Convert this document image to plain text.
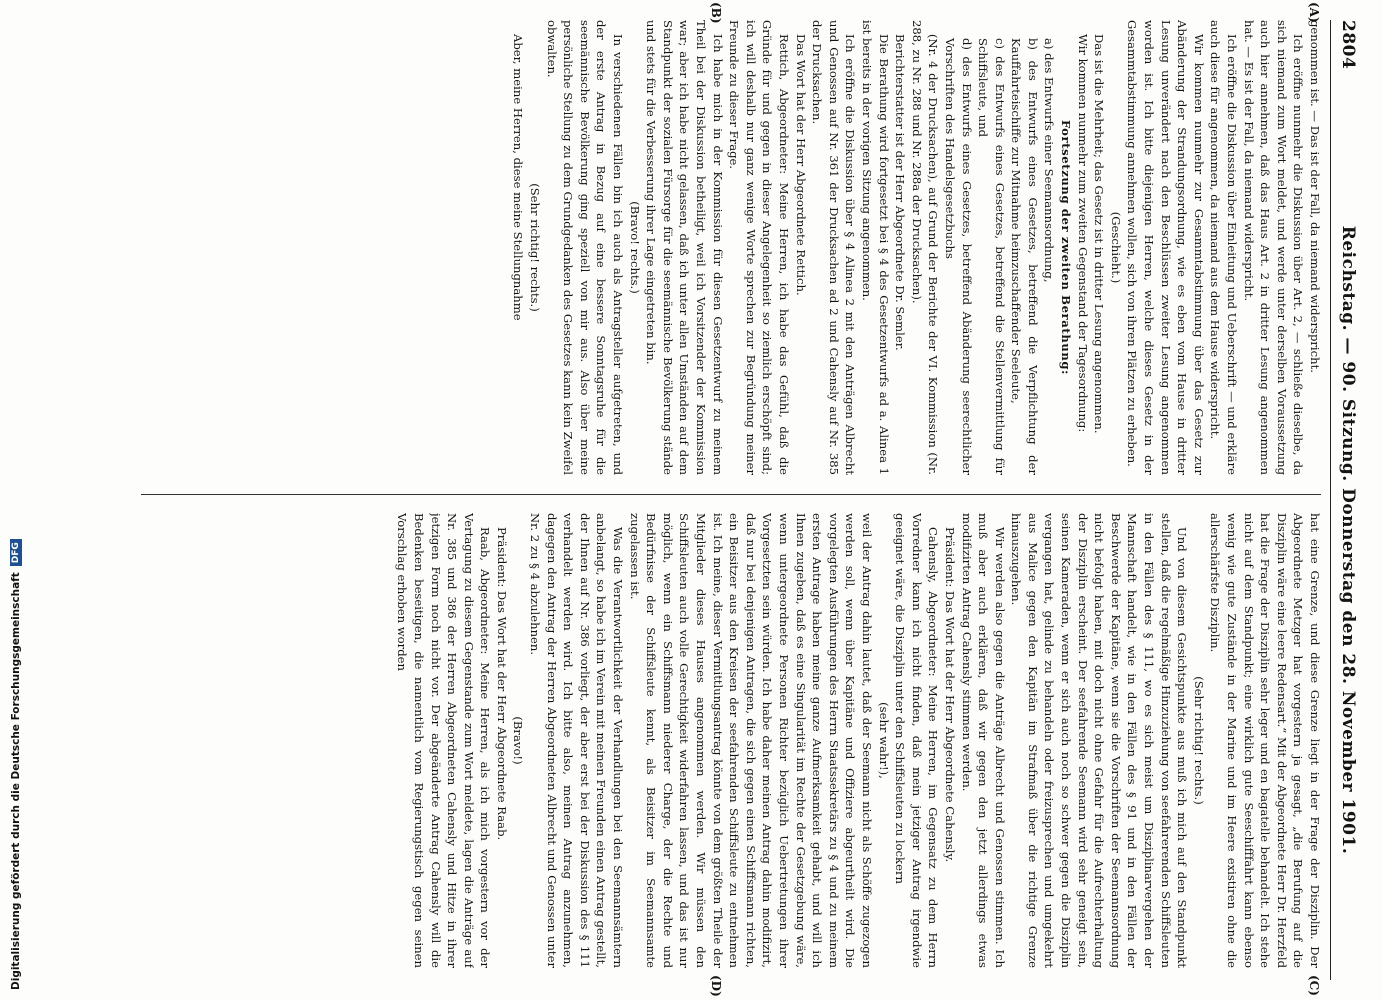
2804
Reichstag. — 90. Sitzung. Donnerstag den 28. November 1901.
(A)
(B)
(C)
(D)

genommen ist. — Das ist der Fall, da niemand widerspricht.

Ich eröffne nunmehr die Diskussion über Art. 2, — schließe dieselbe, da sich niemand zum Wort meldet, und werde unter derselben Voraussetzung auch hier annehmen, daß das Haus Art. 2 in dritter Lesung angenommen hat. — Es ist der Fall, da niemand widerspricht.

Ich eröffne die Diskussion über Einleitung und Ueberschrift — und erkläre auch diese für angenommen, da niemand aus dem Hause widerspricht.

Wir kommen nunmehr zur Gesammtabstimmung über das Gesetz zur Abänderung der Strandungsordnung, wie es eben vom Hause in dritter Lesung unverändert nach den Beschlüssen zweiter Lesung angenommen worden ist. Ich bitte diejenigen Herren, welche dieses Gesetz in der Gesammtabstimmung annehmen wollen, sich von ihren Plätzen zu erheben.

(Geschieht.)

Das ist die Mehrheit; das Gesetz ist in dritter Lesung angenommen.

Wir kommen nunmehr zum zweiten Gegenstand der Tagesordnung:

Fortsetzung der zweiten Berathung:

a) des Entwurfs einer Seemannsordnung,

b) des Entwurfs eines Gesetzes, betreffend die Verpflichtung der Kauffahrteischiffe zur Mitnahme heimzuschaffender Seeleute,

c) des Entwurfs eines Gesetzes, betreffend die Stellenvermittlung für Schiffsleute, und

d) des Entwurfs eines Gesetzes, betreffend Abänderung seerechtlicher Vorschriften des Handelsgesetzbuchs

(Nr. 4 der Drucksachen), auf Grund der Berichte der VI. Kommission (Nr. 288, zu Nr. 288 und Nr. 288a der Drucksachen).

Berichterstatter ist der Herr Abgeordnete Dr. Semler.

Die Berathung wird fortgesetzt bei § 4 des Gesetzentwurfs ad a. Alinea 1 ist bereits in der vorigen Sitzung angenommen.

Ich eröffne die Diskussion über § 4 Alinea 2 mit den Anträgen Albrecht und Genossen auf Nr. 361 der Drucksachen ad 2 und Cahensly auf Nr. 385 der Drucksachen.

Das Wort hat der Herr Abgeordnete Rettich.

Rettich, Abgeordneter: Meine Herren, ich habe das Gefühl, daß die Gründe für und gegen in dieser Angelegenheit so ziemlich erschöpft sind; ich will deshalb nur ganz wenige Worte sprechen zur Begründung meiner Freunde zu dieser Frage.

Ich habe mich in der Kommission für diesen Gesetzentwurf zu meinem Theil bei der Diskussion betheiligt, weil ich Vorsitzender der Kommission war; aber ich habe nicht gelassen, daß ich unter allen Umständen auf dem Standpunkt der sozialen Fürsorge für die seemännische Bevölkerung stände und stets für die Verbesserung ihrer Lage eingetreten bin.

(Bravo! rechts.)

In verschiedenen Fällen bin ich auch als Antragsteller aufgetreten, und der erste Antrag in Bezug auf eine bessere Sonntagsruhe für die seemännische Bevölkerung ging speziell von mir aus. Also über meine persönliche Stellung zu dem Grundgedanken des Gesetzes kann kein Zweifel obwalten.

(Sehr richtig! rechts.)

Aber, meine Herren, diese meine Stellungnahme

hat eine Grenze, und diese Grenze liegt in der Frage der Disziplin. Der Abgeordnete Metzger hat vorgestern ja gesagt, „die Berufung auf die Disziplin wäre eine leere Redensart.“ Mit der Abgeordnete Herr Dr. Herzfeld hat die Frage der Disziplin sehr leger und en bagatelle behandelt. Ich stehe nicht auf dem Standpunkt; eine wirklich gute Seeschifffahrt kann ebenso wenig wie gute Zustände in der Marine und im Heere existiren ohne die allerschärfste Disziplin.

(Sehr richtig! rechts.)

Und von diesem Gesichtspunkte aus muß ich mich auf den Standpunkt stellen, daß die regelmäßige Hinzuziehung von seefahrerenden Schiffsleuten in den Fällen des § 111, wo es sich meist um Disziplinarvergehen der Mannschaft handelt, wie in den Fällen des § 91 und in den Fällen der Beschwerde der Kapitäne, wenn sie die Vorschriften der Seemannsordnung nicht befolgt haben, mit doch nicht ohne Gefahr für die Aufrechterhaltung der Disziplin erscheint. Der seefahrende Seemann wird sehr geneigt sein, seinen Kameraden, wenn er sich auch noch so schwer gegen die Disziplin vergangen hat, gelinde zu behandeln oder freizusprechen und umgekehrt aus Malice gegen den Kapitän im Strafmaß über die richtige Grenze hinauszugehen.

Wir werden also gegen die Anträge Albrecht und Genossen stimmen. Ich muß aber auch erklären, daß wir gegen den jetzt allerdings etwas modifizirten Antrag Cahensly stimmen werden.

Präsident: Das Wort hat der Herr Abgeordnete Cahensly.

Cahensly, Abgeordneter: Meine Herren, im Gegensatz zu dem Herrn Vorredner kann ich nicht finden, daß mein jetziger Antrag irgendwie geeignet wäre, die Disziplin unter den Schiffsleuten zu lockern

(sehr wahr!),

weil der Antrag dahin lautet, daß der Seemann nicht als Schöffe zugezogen werden soll, wenn über Kapitäne und Offiziere abgeurtheilt wird. Die vorgelegten Ausführungen des Herrn Staatssekretärs zu § 4 und zu meinem ersten Antrage haben meine ganze Aufmerksamkeit gehabt, und will ich Ihnen zugeben, daß es eine Singularität im Rechte der Gesetzgebung wäre, wenn untergeordnete Personen Richter bezüglich Uebertretungen ihrer Vorgesetzten sein würden. Ich habe daher meinen Antrag dahin modifizirt, daß nur bei denjenigen Antragen, die sich gegen einen Schiffsmann richten, ein Beisitzer aus den Kreisen der seefahrenden Schiffsleute zu entnehmen ist. Ich meine, dieser Vermittlungsantrag könnte von dem größten Theile der Mitglieder dieses Hauses angenommen werden. Wir müssen den Schiffsleuten auch volle Gerechtigkeit widerfahren lassen, und das ist nur möglich, wenn ein Schiffsmann niederer Charge, der die Rechte und Bedürfnisse der Schiffsleute kennt, als Beisitzer im Seemannsamte zugelassen ist.

Was die Verantwortlichkeit der Verhandlungen bei den Seemannsämtern anbelangt, so habe ich im Verein mit meinen Freunden einen Antrag gestellt, der Ihnen auf Nr. 386 vorliegt, der aber erst bei der Diskussion des § 111 verhandelt werden wird. Ich bitte also, meinen Antrag anzunehmen, dagegen den Antrag der Herren Abgeordneten Albrecht und Genossen unter Nr. 2 zu § 4 abzulehnen.

(Bravo!)

Präsident: Das Wort hat der Herr Abgeordnete Raab.

Raab, Abgeordneter: Meine Herren, als ich mich vorgestern vor der Vertagung zu diesem Gegenstande zum Wort meldete, lagen die Anträge auf Nr. 385 und 386 der Herren Abgeordneten Cahensly und Hitze in ihrer jetzigen Form noch nicht vor. Der abgeänderte Antrag Cahensly will die Bedenken beseitigen, die namentlich vom Regierungstisch gegen seinen Vorschlag erhoben worden

Digitalisierung gefördert durch die Deutsche Forschungsgemeinschaft
DFG
